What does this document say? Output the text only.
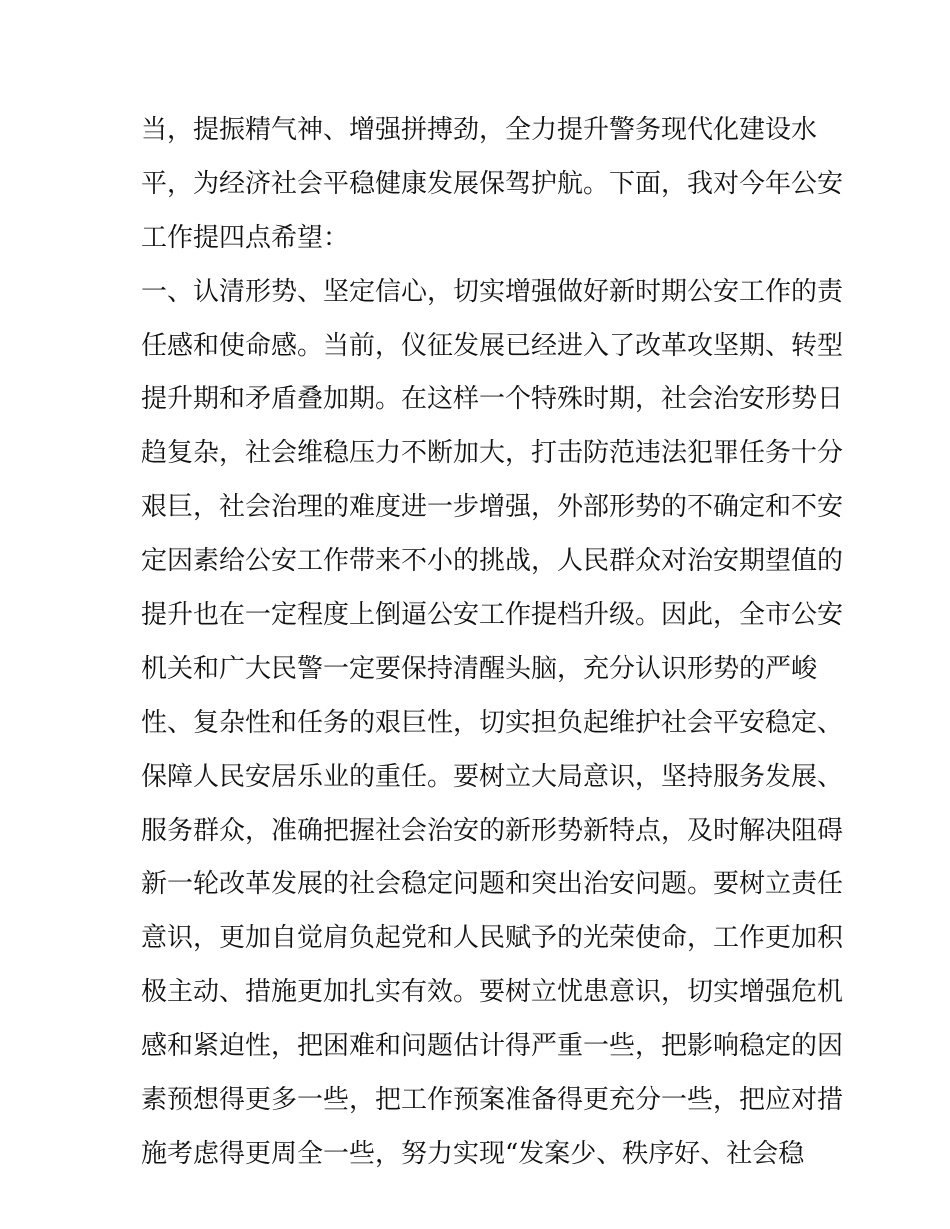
当，提振精气神、增强拼搏劲，全力提升警务现代化建设水

平，为经济社会平稳健康发展保驾护航。下面，我对今年公安

工作提四点希望：

一、认清形势、坚定信心，切实增强做好新时期公安工作的责

任感和使命感。当前，仪征发展已经进入了改革攻坚期、转型

提升期和矛盾叠加期。在这样一个特殊时期，社会治安形势日

趋复杂，社会维稳压力不断加大，打击防范违法犯罪任务十分

艰巨，社会治理的难度进一步增强，外部形势的不确定和不安

定因素给公安工作带来不小的挑战，人民群众对治安期望值的

提升也在一定程度上倒逼公安工作提档升级。因此，全市公安

机关和广大民警一定要保持清醒头脑，充分认识形势的严峻

性、复杂性和任务的艰巨性，切实担负起维护社会平安稳定、

保障人民安居乐业的重任。要树立大局意识，坚持服务发展、

服务群众，准确把握社会治安的新形势新特点，及时解决阻碍

新一轮改革发展的社会稳定问题和突出治安问题。要树立责任

意识，更加自觉肩负起党和人民赋予的光荣使命，工作更加积

极主动、措施更加扎实有效。要树立忧患意识，切实增强危机

感和紧迫性，把困难和问题估计得严重一些，把影响稳定的因

素预想得更多一些，把工作预案准备得更充分一些，把应对措

施考虑得更周全一些，努力实现“发案少、秩序好、社会稳
